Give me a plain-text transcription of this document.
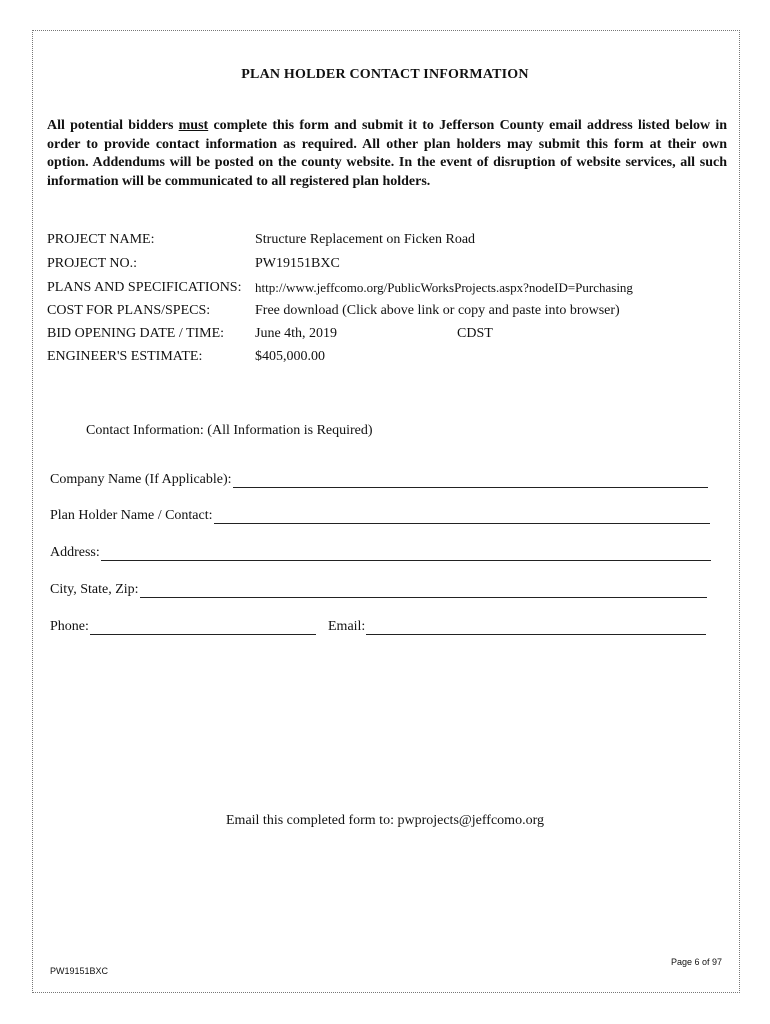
PLAN HOLDER CONTACT INFORMATION
All potential bidders must complete this form and submit it to Jefferson County email address listed below in order to provide contact information as required. All other plan holders may submit this form at their own option. Addendums will be posted on the county website. In the event of disruption of website services, all such information will be communicated to all registered plan holders.
PROJECT NAME:	Structure Replacement on Ficken Road
PROJECT NO.:	PW19151BXC
PLANS AND SPECIFICATIONS: http://www.jeffcomo.org/PublicWorksProjects.aspx?nodeID=Purchasing
COST FOR PLANS/SPECS:	Free download (Click above link or copy and paste into browser)
BID OPENING DATE / TIME: June 4th, 2019	CDST
ENGINEER'S ESTIMATE:	$405,000.00
Contact Information: (All Information is Required)
Company Name (If Applicable):
Plan Holder Name / Contact:
Address:
City, State, Zip:
Phone:	Email:
Email this completed form to: pwprojects@jeffcomo.org
PW19151BXC
Page 6 of 97
